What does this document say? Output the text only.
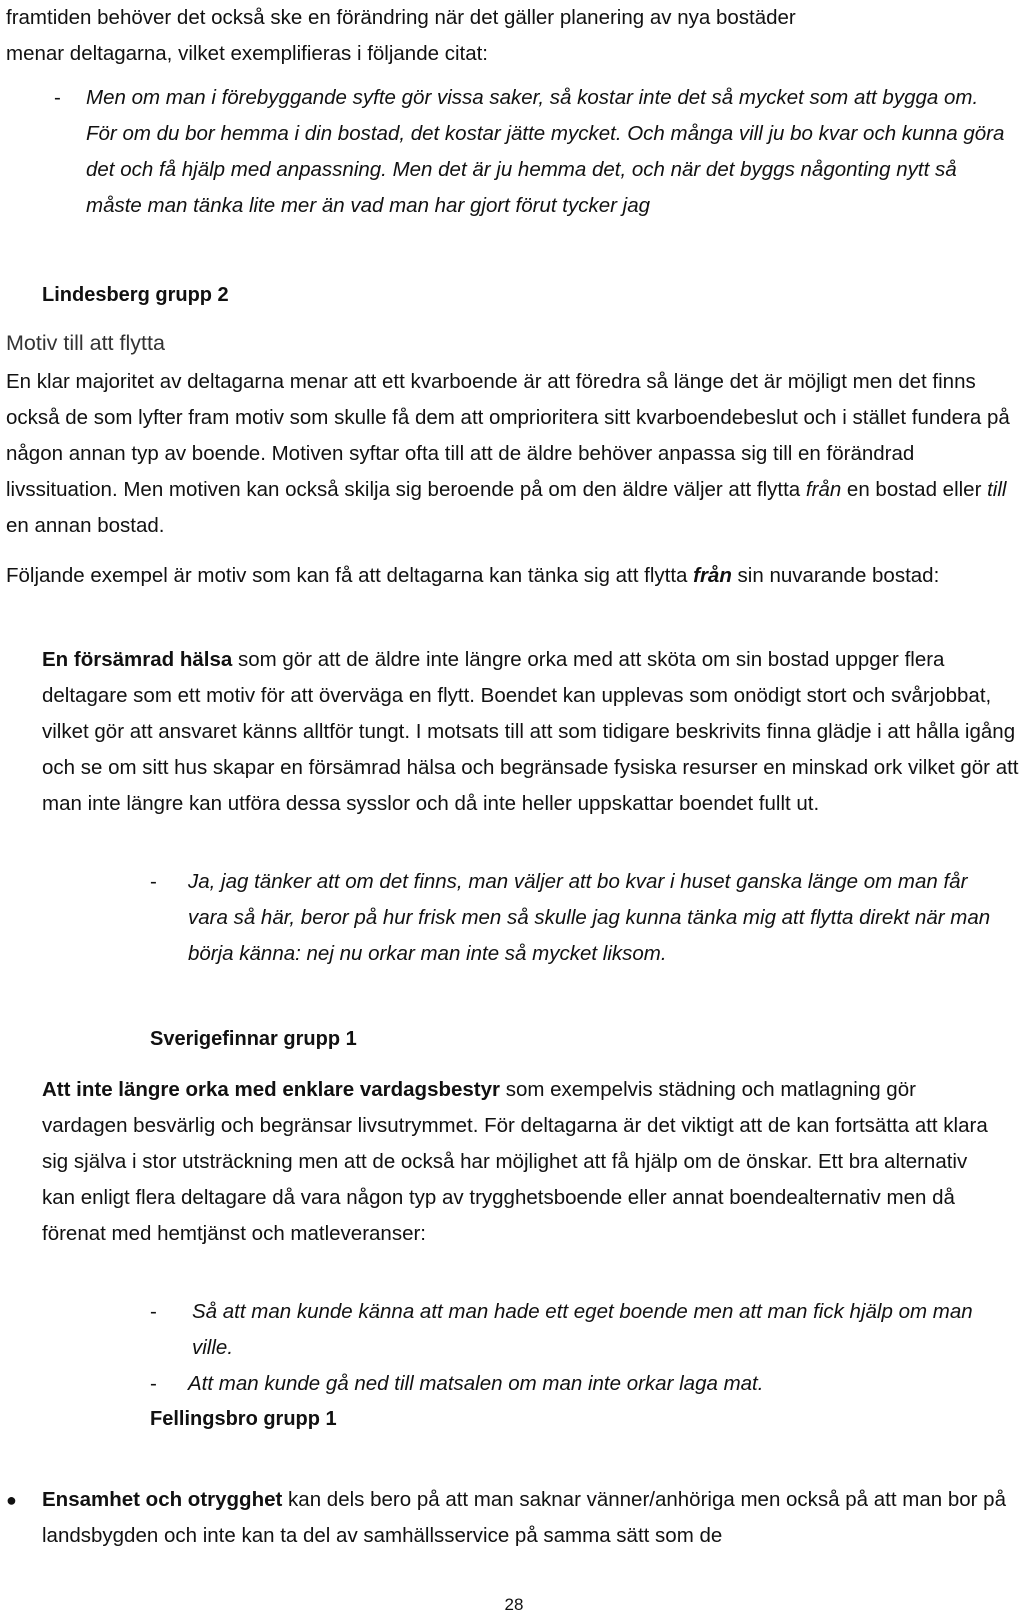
framtiden behöver det också ske en förändring när det gäller planering av nya bostäder
menar deltagarna, vilket exemplifieras i följande citat:

- Men om man i förebyggande syfte gör vissa saker, så kostar inte det så mycket som att bygga om. För om du bor hemma i din bostad, det kostar jätte mycket. Och många vill ju bo kvar och kunna göra det och få hjälp med anpassning. Men det är ju hemma det, och när det byggs någonting nytt så måste man tänka lite mer än vad man har gjort förut tycker jag

Lindesberg grupp 2
Motiv till att flytta

En klar majoritet av deltagarna menar att ett kvarboende är att föredra så länge det är möjligt men det finns också de som lyfter fram motiv som skulle få dem att omprioritera sitt kvarboendebeslut och i stället fundera på någon annan typ av boende. Motiven syftar ofta till att de äldre behöver anpassa sig till en förändrad livssituation. Men motiven kan också skilja sig beroende på om den äldre väljer att flytta från en bostad eller till en annan bostad.

Följande exempel är motiv som kan få att deltagarna kan tänka sig att flytta från sin nuvarande bostad:

En försämrad hälsa som gör att de äldre inte längre orka med att sköta om sin bostad uppger flera deltagare som ett motiv för att överväga en flytt. Boendet kan upplevas som onödigt stort och svårjobbat, vilket gör att ansvaret känns alltför tungt. I motsats till att som tidigare beskrivits finna glädje i att hålla igång och se om sitt hus skapar en försämrad hälsa och begränsade fysiska resurser en minskad ork vilket gör att man inte längre kan utföra dessa sysslor och då inte heller uppskattar boendet fullt ut.

- Ja, jag tänker att om det finns, man väljer att bo kvar i huset ganska länge om man får vara så här, beror på hur frisk men så skulle jag kunna tänka mig att flytta direkt när man börja känna: nej nu orkar man inte så mycket liksom.

Sverigefinnar grupp 1

Att inte längre orka med enklare vardagsbestyr som exempelvis städning och matlagning gör vardagen besvärlig och begränsar livsutrymmet. För deltagarna är det viktigt att de kan fortsätta att klara sig själva i stor utsträckning men att de också har möjlighet att få hjälp om de önskar. Ett bra alternativ kan enligt flera deltagare då vara någon typ av trygghetsboende eller annat boendealternativ men då förenat med hemtjänst och matleveranser:

- Så att man kunde känna att man hade ett eget boende men att man fick hjälp om man ville.

- Att man kunde gå ned till matsalen om man inte orkar laga mat.

Fellingsbro grupp 1
● Ensamhet och otrygghet kan dels bero på att man saknar vänner/anhöriga men också på att man bor på landsbygden och inte kan ta del av samhällsservice på samma sätt som de

28
